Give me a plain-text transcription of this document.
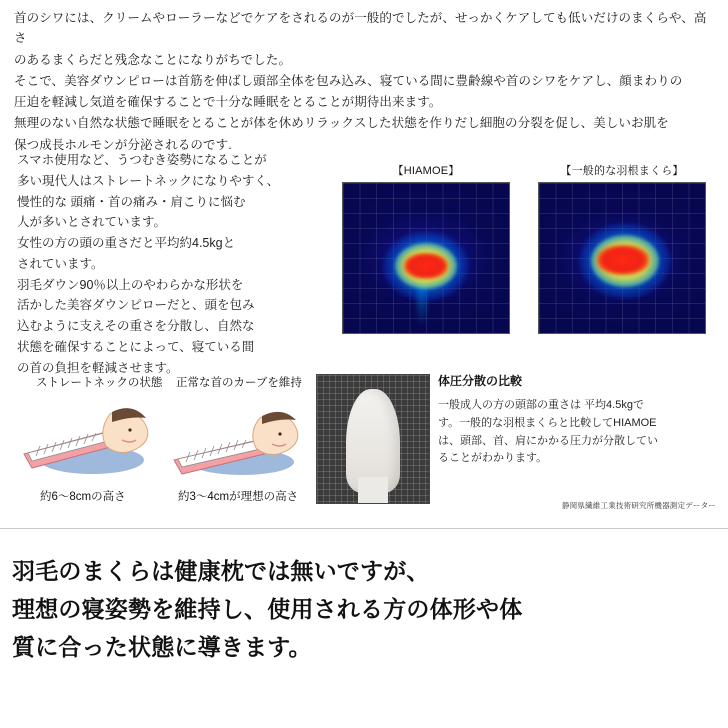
首のシワには、クリームやローラーなどでケアをされるのが一般的でしたが、せっかくケアしても低いだけのまくらや、高さ

のあるまくらだと残念なことになりがちでした。

そこで、美容ダウンピローは首筋を伸ばし頭部全体を包み込み、寝ている間に豊齢線や首のシワをケアし、顔まわりの

圧迫を軽減し気道を確保することで十分な睡眠をとることが期待出来ます。

無理のない自然な状態で睡眠をとることが体を休めリラックスした状態を作りだし細胞の分裂を促し、美しいお肌を

保つ成長ホルモンが分泌されるのです.

スマホ使用など、うつむき姿勢になることが

多い現代人はストレートネックになりやすく、

慢性的な 頭痛・首の痛み・肩こりに悩む

人が多いとされています。

女性の方の頭の重さだと平均約4.5kgと

されています。

羽毛ダウン90％以上のやわらかな形状を

活かした美容ダウンピローだと、頭を包み

込むように支えその重さを分散し、自然な

状態を確保することによって、寝ている間

の首の負担を軽減させます。

【HIAMOE】	【一般的な羽根まくら】
ストレートネックの状態 正常な首のカーブを維持
約6～8cmの高さ	約3～4cmが理想の高さ
体圧分散の比較
一般成人の方の頭部の重さは 平均4.5kgで
す。一般的な羽根まくらと比較してHIAMOE
は、頭部、首、肩にかかる圧力が分散してい
ることがわかります。
静岡県繊維工業技術研究所機器測定データー

羽毛のまくらは健康枕では無いですが、

理想の寝姿勢を維持し、使用される方の体形や体

質に合った状態に導きます。
